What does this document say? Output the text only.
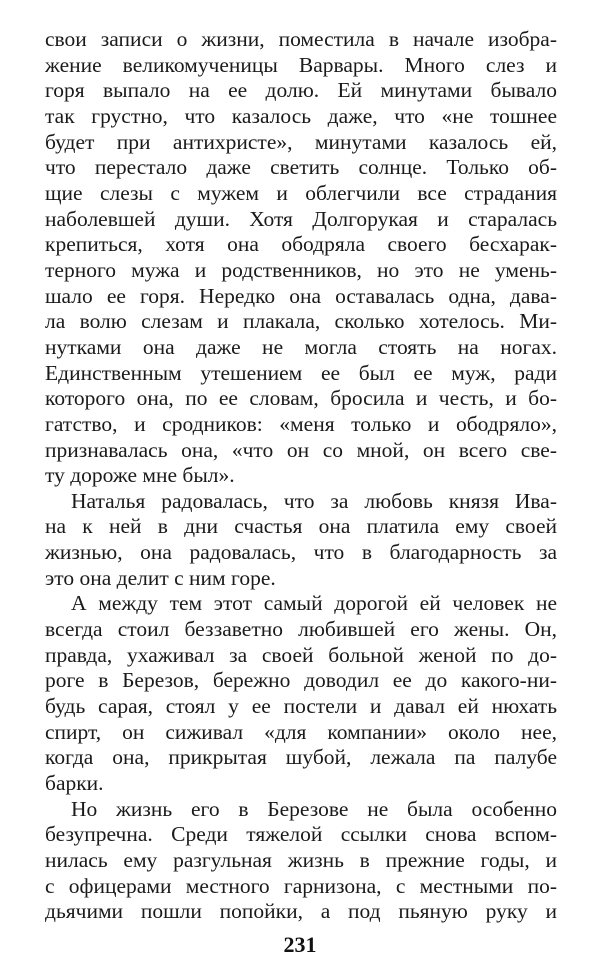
свои записи о жизни, поместила в начале изобра-
жение великомученицы Варвары. Много слез и
горя выпало на ее долю. Ей минутами бывало
так грустно, что казалось даже, что «не тошнее
будет при антихристе», минутами казалось ей,
что перестало даже светить солнце. Только об-
щие слезы с мужем и облегчили все страдания
наболевшей души. Хотя Долгорукая и старалась
крепиться, хотя она ободряла своего бесхарак-
терного мужа и родственников, но это не умень-
шало ее горя. Нередко она оставалась одна, дава-
ла волю слезам и плакала, сколько хотелось. Ми-
нутками она даже не могла стоять на ногах.
Единственным утешением ее был ее муж, ради
которого она, по ее словам, бросила и честь, и бо-
гатство, и сродников: «меня только и ободряло»,
признавалась она, «что он со мной, он всего све-
ту дороже мне был».
Наталья радовалась, что за любовь князя Ива-
на к ней в дни счастья она платила ему своей
жизнью, она радовалась, что в благодарность за
это она делит с ним горе.
А между тем этот самый дорогой ей человек не
всегда стоил беззаветно любившей его жены. Он,
правда, ухаживал за своей больной женой по до-
роге в Березов, бережно доводил ее до какого-ни-
будь сарая, стоял у ее постели и давал ей нюхать
спирт, он сиживал «для компании» около нее,
когда она, прикрытая шубой, лежала па палубе
барки.
Но жизнь его в Березове не была особенно
безупречна. Среди тяжелой ссылки снова вспом-
нилась ему разгульная жизнь в прежние годы, и
с офицерами местного гарнизона, с местными по-
дьячими пошли попойки, а под пьяную руку и
231
